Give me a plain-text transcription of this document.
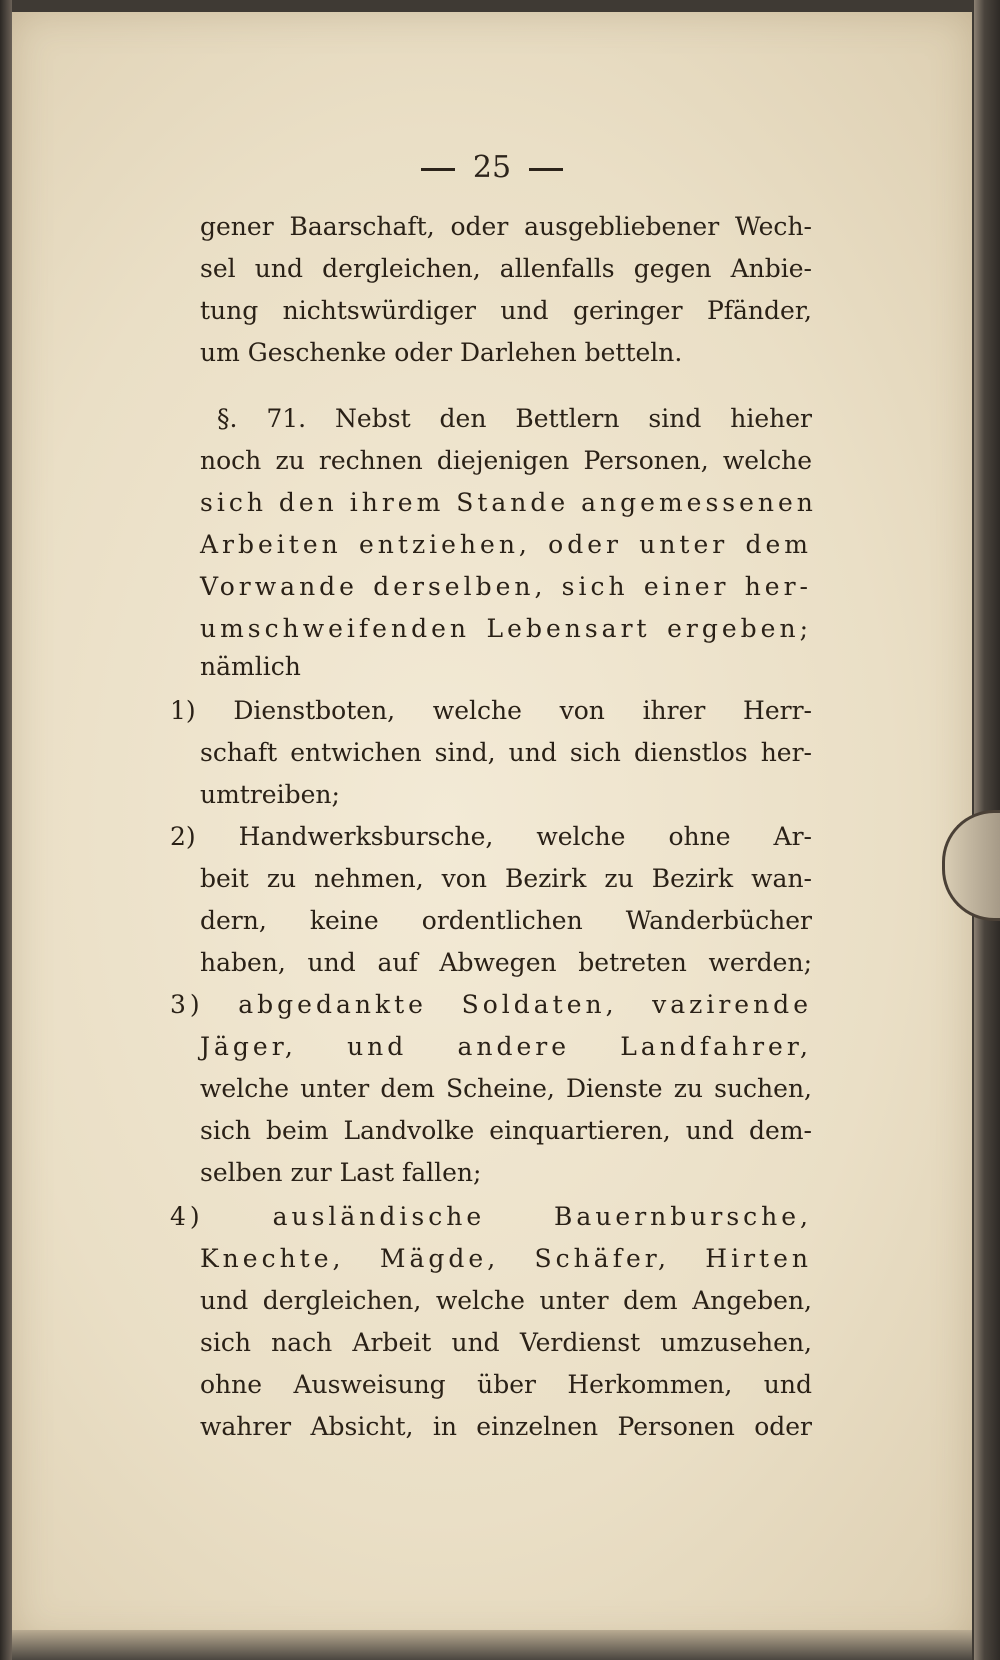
25
gener Baarschaft, oder ausgebliebener Wech-
sel und dergleichen, allenfalls gegen Anbie-
tung nichtswürdiger und geringer Pfänder,
um Geschenke oder Darlehen betteln.
§. 71. Nebst den Bettlern sind hieher
noch zu rechnen diejenigen Personen, welche
sich den ihrem Stande angemessenen
Arbeiten entziehen, oder unter dem
Vorwande derselben, sich einer her-
umschweifenden Lebensart ergeben;
nämlich
1) Dienstboten, welche von ihrer Herr-
schaft entwichen sind, und sich dienstlos her-
umtreiben;
2) Handwerksbursche, welche ohne Ar-
beit zu nehmen, von Bezirk zu Bezirk wan-
dern, keine ordentlichen Wanderbücher
haben, und auf Abwegen betreten werden;
3) abgedankte Soldaten, vazirende
Jäger, und andere Landfahrer,
welche unter dem Scheine, Dienste zu suchen,
sich beim Landvolke einquartieren, und dem-
selben zur Last fallen;
4) ausländische Bauernbursche,
Knechte, Mägde, Schäfer, Hirten
und dergleichen, welche unter dem Angeben,
sich nach Arbeit und Verdienst umzusehen,
ohne Ausweisung über Herkommen, und
wahrer Absicht, in einzelnen Personen oder
